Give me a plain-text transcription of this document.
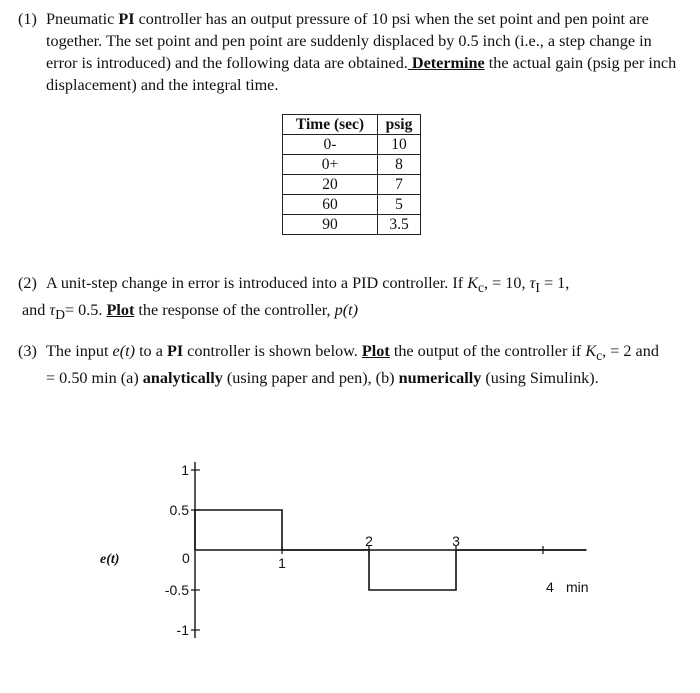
(1) Pneumatic PI controller has an output pressure of 10 psi when the set point and pen point are
together. The set point and pen point are suddenly displaced by 0.5 inch (i.e., a step change in
error is introduced) and the following data are obtained. Determine the actual gain (psig per inch
displacement) and the integral time.
Time (sec)	psig
0-	10
0+	8
20	7
60	5
90	3.5
(2) A unit-step change in error is introduced into a PID controller. If $K_c$, = 10, $\tau_I = 1$,
and $\tau_D= 0.5$. Plot the response of the controller, p(t)
(3) The input e(t) to a PI controller is shown below. Plot the output of the controller if $K_c$, = 2 and
= 0.50 min (a) analytically (using paper and pen), (b) numerically (using Simulink).
1
0.5
-0.5
-1
1
2	3
e(t)	0
min
4
